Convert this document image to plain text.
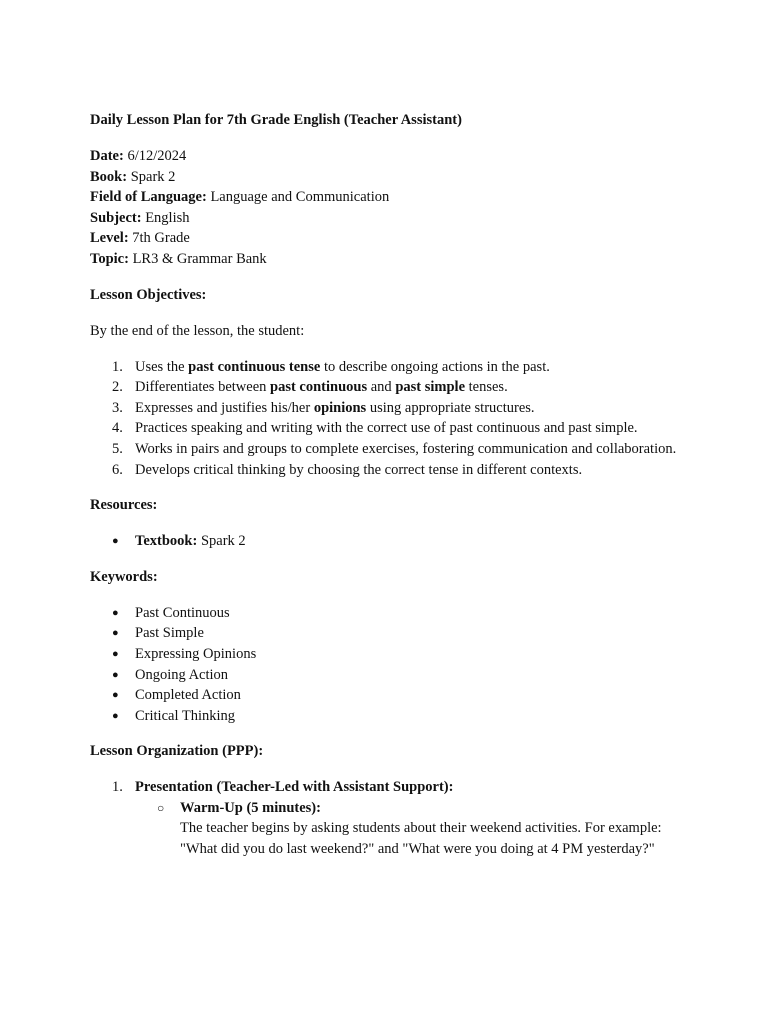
Daily Lesson Plan for 7th Grade English (Teacher Assistant)

Date: 6/12/2024

Book: Spark 2

Field of Language: Language and Communication

Subject: English

Level: 7th Grade

Topic: LR3 & Grammar Bank

Lesson Objectives:

By the end of the lesson, the student:

1. Uses the past continuous tense to describe ongoing actions in the past.
2. Differentiates between past continuous and past simple tenses.
3. Expresses and justifies his/her opinions using appropriate structures.
4. Practices speaking and writing with the correct use of past continuous and past simple.
5. Works in pairs and groups to complete exercises, fostering communication and collaboration.
6. Develops critical thinking by choosing the correct tense in different contexts.

Resources:

● Textbook: Spark 2

Keywords:

● Past Continuous
● Past Simple
● Expressing Opinions
● Ongoing Action
● Completed Action
● Critical Thinking

Lesson Organization (PPP):

1. Presentation (Teacher-Led with Assistant Support):
○ Warm-Up (5 minutes):
The teacher begins by asking students about their weekend activities. For example: "What did you do last weekend?" and "What were you doing at 4 PM yesterday?"
